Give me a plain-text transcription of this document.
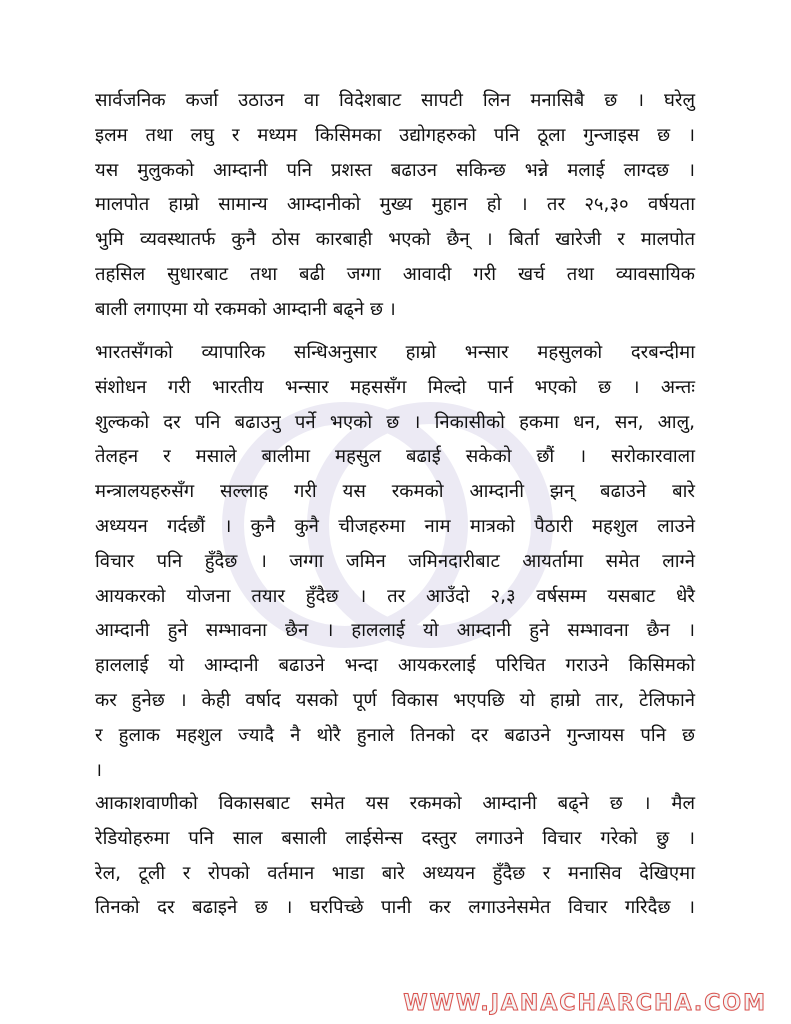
सार्वजनिक कर्जा उठाउन वा विदेशबाट सापटी लिन मनासिबै छ । घरेलु
इलम तथा लघु र मध्यम किसिमका उद्योगहरुको पनि ठूला गुन्जाइस छ ।
यस मुलुकको आम्दानी पनि प्रशस्त बढाउन सकिन्छ भन्ने मलाई लाग्दछ ।
मालपोत हाम्रो सामान्य आम्दानीको मुख्य मुहान हो । तर २५,३० वर्षयता
भुमि व्यवस्थातर्फ कुनै ठोस कारबाही भएको छैन् । बिर्ता खारेजी र मालपोत
तहसिल सुधारबाट तथा बढी जग्गा आवादी गरी खर्च तथा व्यावसायिक
बाली लगाएमा यो रकमको आम्दानी बढ्ने छ ।
भारतसँगको व्यापारिक सन्धिअनुसार हाम्रो भन्सार महसुलको दरबन्दीमा
संशोधन गरी भारतीय भन्सार महससँग मिल्दो पार्न भएको छ । अन्तः
शुल्कको दर पनि बढाउनु पर्ने भएको छ । निकासीको हकमा धन, सन, आलु,
तेलहन र मसाले बालीमा महसुल बढाई सकेको छौं । सरोकारवाला
मन्त्रालयहरुसँग सल्लाह गरी यस रकमको आम्दानी झन् बढाउने बारे
अध्ययन गर्दछौं । कुनै कुनै चीजहरुमा नाम मात्रको पैठारी महशुल लाउने
विचार पनि हुँदैछ । जग्गा जमिन जमिनदारीबाट आयर्तामा समेत लाग्ने
आयकरको योजना तयार हुँदैछ । तर आउँदो २,३ वर्षसम्म यसबाट धेरै
आम्दानी हुने सम्भावना छैन । हाललाई यो आम्दानी हुने सम्भावना छैन ।
हाललाई यो आम्दानी बढाउने भन्दा आयकरलाई परिचित गराउने किसिमको
कर हुनेछ । केही वर्षाद यसको पूर्ण विकास भएपछि यो हाम्रो तार, टेलिफाने
र हुलाक महशुल ज्यादै नै थोरै हुनाले तिनको दर बढाउने गुन्जायस पनि छ
।
आकाशवाणीको विकासबाट समेत यस रकमको आम्दानी बढ्ने छ । मैल
रेडियोहरुमा पनि साल बसाली लाईसेन्स दस्तुर लगाउने विचार गरेको छु ।
रेल, टूली र रोपको वर्तमान भाडा बारे अध्ययन हुँदैछ र मनासिव देखिएमा
तिनको दर बढाइने छ । घरपिच्छे पानी कर लगाउनेसमेत विचार गरिदैछ ।
WWW.JANACHARCHA.COM
